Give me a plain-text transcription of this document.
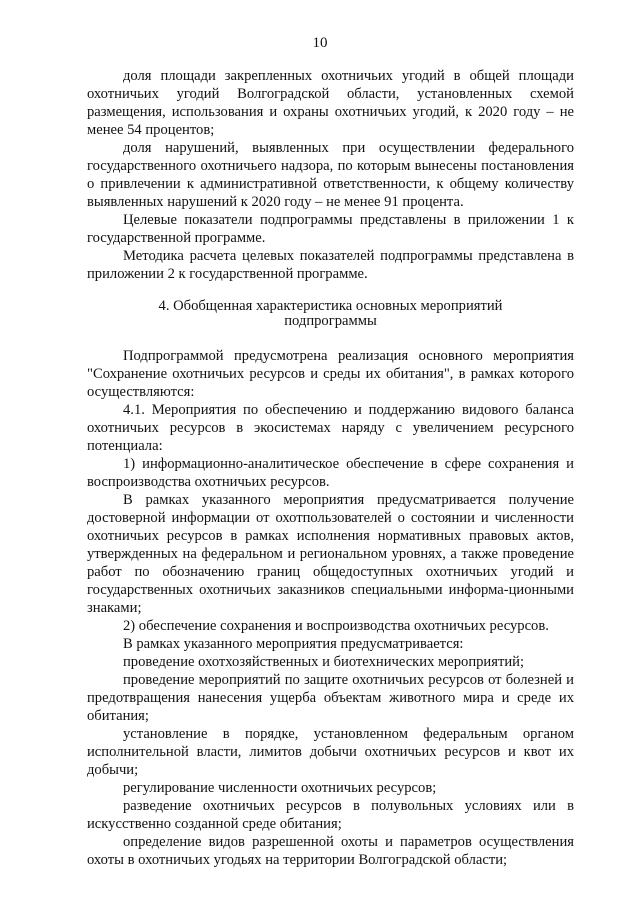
10

доля площади закрепленных охотничьих угодий в общей площади охотничьих угодий Волгоградской области, установленных схемой размещения, использования и охраны охотничьих угодий, к 2020 году – не менее 54 процентов;

доля нарушений, выявленных при осуществлении федерального государственного охотничьего надзора, по которым вынесены постановления о привлечении к административной ответственности, к общему количеству выявленных нарушений к 2020 году – не менее 91 процента.

Целевые показатели подпрограммы представлены в приложении 1 к государственной программе.

Методика расчета целевых показателей подпрограммы представлена в приложении 2 к государственной программе.

4. Обобщенная характеристика основных мероприятий
подпрограммы

Подпрограммой предусмотрена реализация основного мероприятия "Сохранение охотничьих ресурсов и среды их обитания", в рамках которого осуществляются:

4.1. Мероприятия по обеспечению и поддержанию видового баланса охотничьих ресурсов в экосистемах наряду с увеличением ресурсного потенциала:

1) информационно-аналитическое обеспечение в сфере сохранения и воспроизводства охотничьих ресурсов.

В рамках указанного мероприятия предусматривается получение достоверной информации от охотпользователей о состоянии и численности охотничьих ресурсов в рамках исполнения нормативных правовых актов, утвержденных на федеральном и региональном уровнях, а также проведение работ по обозначению границ общедоступных охотничьих угодий и государственных охотничьих заказников специальными информа-ционными знаками;

2) обеспечение сохранения и воспроизводства охотничьих ресурсов.

В рамках указанного мероприятия предусматривается:

проведение охотхозяйственных и биотехнических мероприятий;

проведение мероприятий по защите охотничьих ресурсов от болезней и предотвращения нанесения ущерба объектам животного мира и среде их обитания;

установление в порядке, установленном федеральным органом исполнительной власти, лимитов добычи охотничьих ресурсов и квот их добычи;

регулирование численности охотничьих ресурсов;

разведение охотничьих ресурсов в полувольных условиях или в искусственно созданной среде обитания;

определение видов разрешенной охоты и параметров осуществления охоты в охотничьих угодьях на территории Волгоградской области;
